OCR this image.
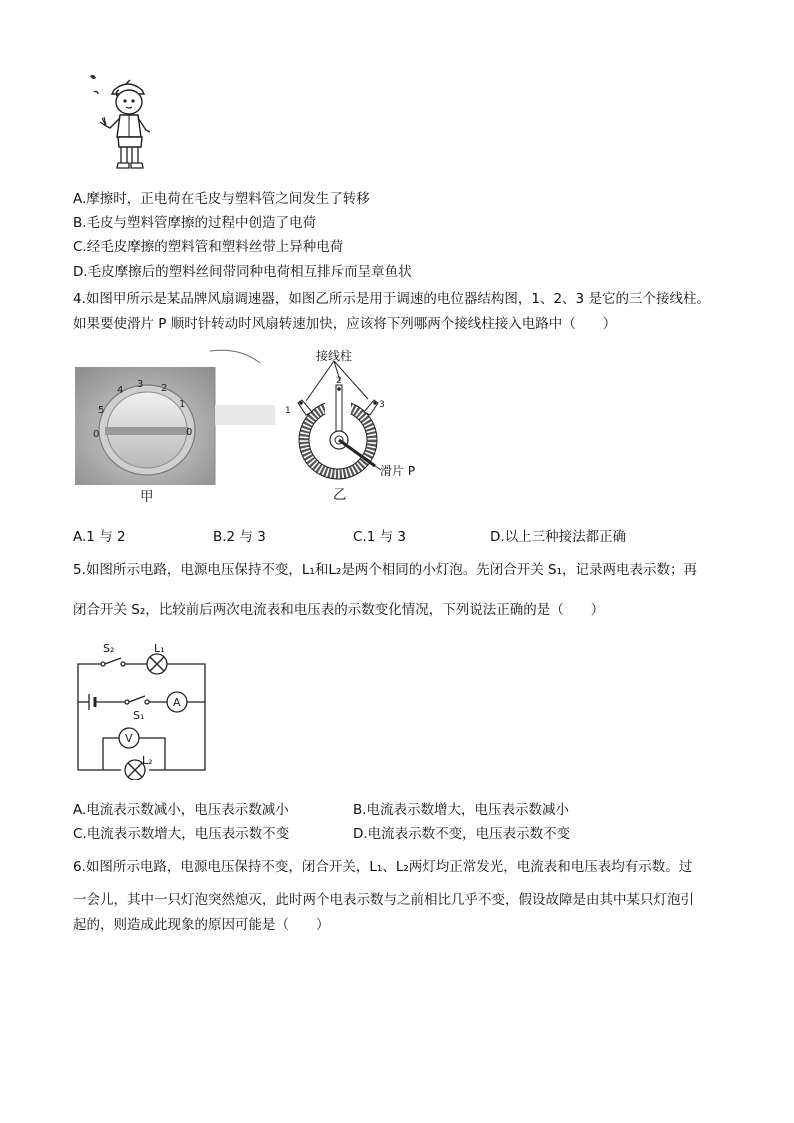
A.摩擦时，正电荷在毛皮与塑料管之间发生了转移
B.毛皮与塑料管摩擦的过程中创造了电荷
C.经毛皮摩擦的塑料管和塑料丝带上异种电荷
D.毛皮摩擦后的塑料丝间带同种电荷相互排斥而呈章鱼状
4.如图甲所示是某品牌风扇调速器，如图乙所示是用于调速的电位器结构图，1、2、3 是它的三个接线柱。
如果要使滑片 P 顺时针转动时风扇转速加快，应该将下列哪两个接线柱接入电路中（　　）
0
5
4
3 2
1
0
甲
1
2
3
接线柱
滑片 P
乙
A.1 与 2	B.2 与 3	C.1 与 3	D.以上三种接法都正确
5.如图所示电路，电源电压保持不变，L₁和L₂是两个相同的小灯泡。先闭合开关 S₁，记录两电表示数；再
闭合开关 S₂，比较前后两次电流表和电压表的示数变化情况，下列说法正确的是（　　）
A
V
S₂	L₁
S₁
L₂
A.电流表示数减小，电压表示数减小	B.电流表示数增大，电压表示数减小
C.电流表示数增大，电压表示数不变	D.电流表示数不变，电压表示数不变
6.如图所示电路，电源电压保持不变，闭合开关，L₁、L₂两灯均正常发光，电流表和电压表均有示数。过
一会儿，其中一只灯泡突然熄灭，此时两个电表示数与之前相比几乎不变，假设故障是由其中某只灯泡引
起的，则造成此现象的原因可能是（　　）
